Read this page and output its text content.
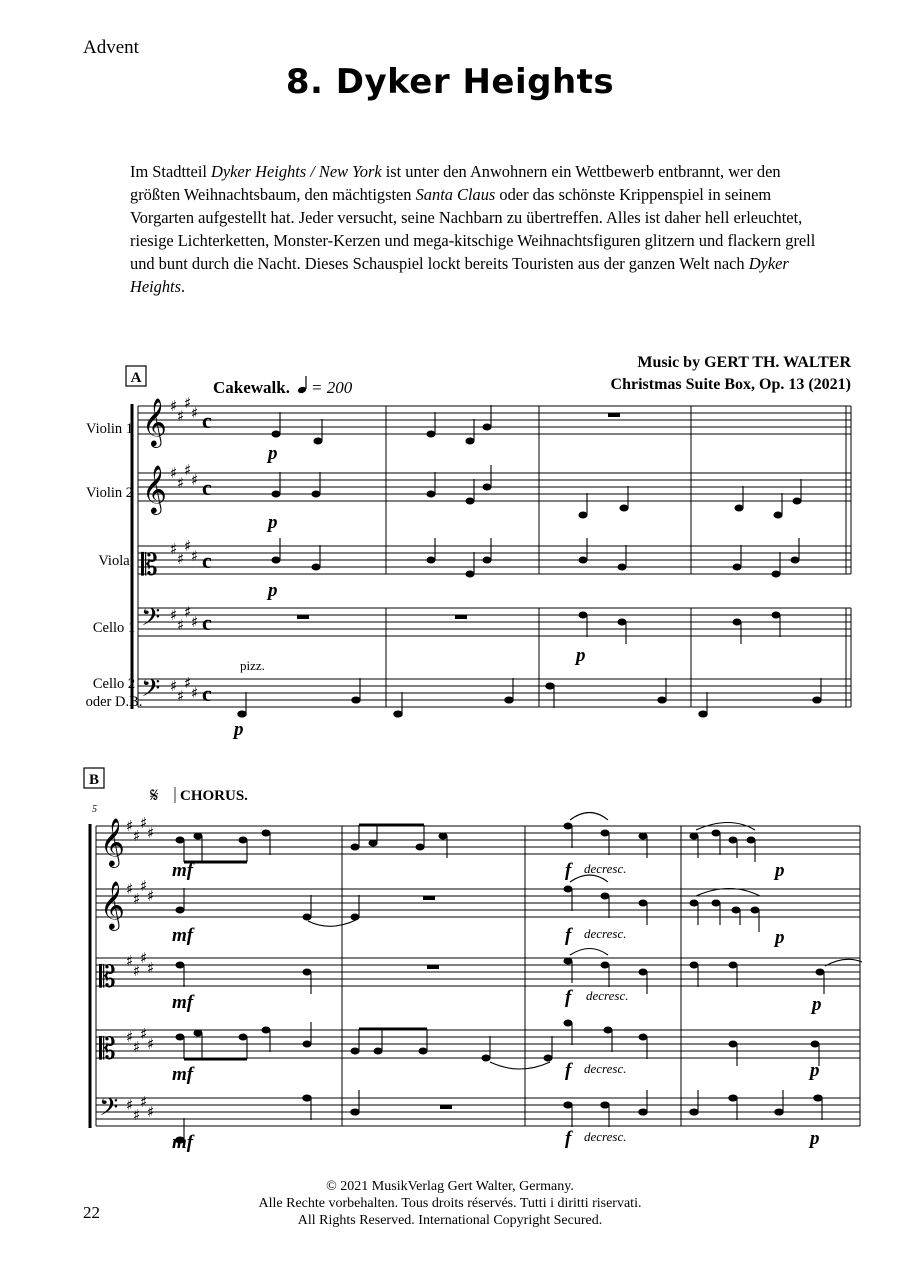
Advent
8. Dyker Heights
Im Stadtteil Dyker Heights / New York ist unter den Anwohnern ein Wettbewerb entbrannt, wer den größten Weihnachtsbaum, den mächtigsten Santa Claus oder das schönste Krippenspiel in seinem Vorgarten aufgestellt hat. Jeder versucht, seine Nachbarn zu übertreffen. Alles ist daher hell erleuchtet, riesige Lichterketten, Monster-Kerzen und mega-kitschige Weihnachtsfiguren glitzern und flackern grell und bunt durch die Nacht. Dieses Schauspiel lockt bereits Touristen aus der ganzen Welt nach Dyker Heights.
Music by GERT TH. WALTER
Christmas Suite Box, Op. 13 (2021)
A	Cakewalk. = 200
Violin 1
Violin 2
Viola
Cello 1
Cello 2
oder D.B.
𝄞
𝄞
𝄡
𝄢
𝄢
♯
♯
♯
♯
♯
♯
♯
♯
♯
♯
♯
♯
♯
♯
♯
♯
♯
♯
♯
♯
c
c
c
c
c
p
p
p
p
p
pizz.
B
5
𝄋 CHORUS.
𝄞
𝄞
𝄡
𝄡
𝄢
♯
♯
♯
♯
♯
♯
♯
♯
♯
♯
♯
♯
♯
♯
♯
♯
♯
♯
♯
♯
mf
mf
mf
mf
mf
f decresc.
f decresc.
f decresc.
f decresc.
f decresc.
p
p
p
p
p
© 2021 MusikVerlag Gert Walter, Germany.
Alle Rechte vorbehalten. Tous droits réservés. Tutti i diritti riservati.
All Rights Reserved. International Copyright Secured.
22
